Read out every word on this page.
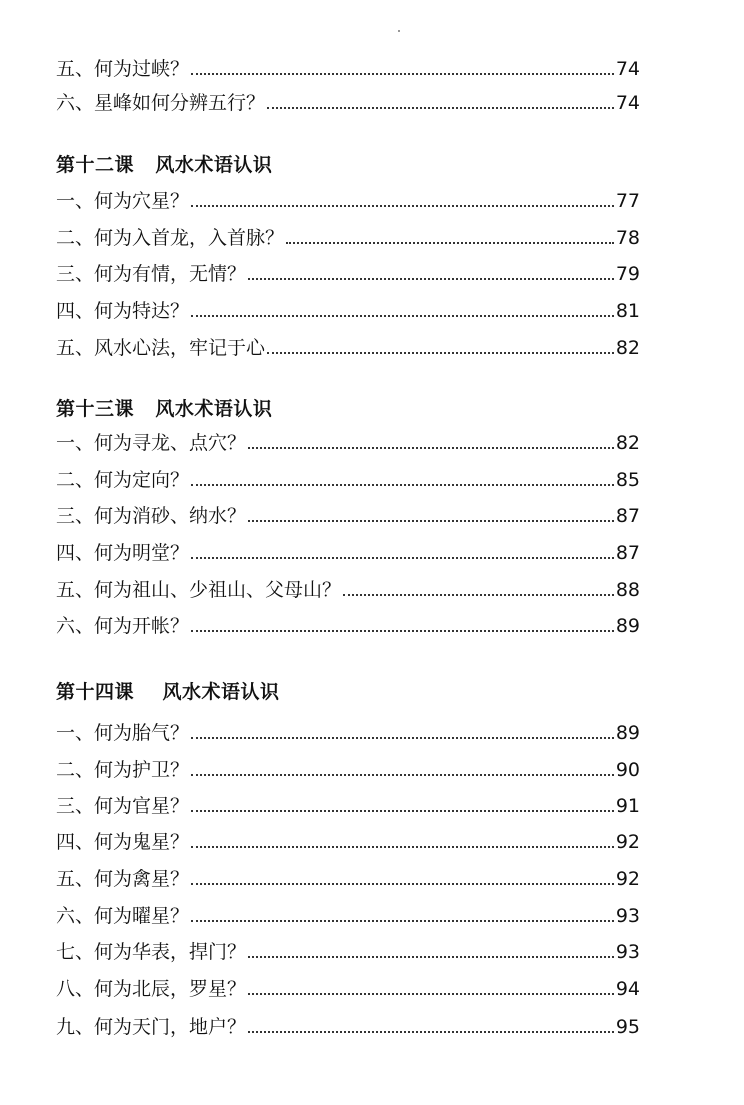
五、何为过峡？	74
六、星峰如何分辨五行？	74
第十二课   风水术语认识
一、何为穴星？	77
二、何为入首龙，入首脉？	78
三、何为有情，无情？	79
四、何为特达？	81
五、风水心法，牢记于心	82
第十三课   风水术语认识
一、何为寻龙、点穴？	82
二、何为定向？	85
三、何为消砂、纳水？	87
四、何为明堂？	87
五、何为祖山、少祖山、父母山？	88
六、何为开帐？	89
第十四课    风水术语认识
一、何为胎气？	89
二、何为护卫？	90
三、何为官星？	91
四、何为鬼星？	92
五、何为禽星？	92
六、何为曜星？	93
七、何为华表，捍门？	93
八、何为北辰，罗星？	94
九、何为天门，地户？	95
